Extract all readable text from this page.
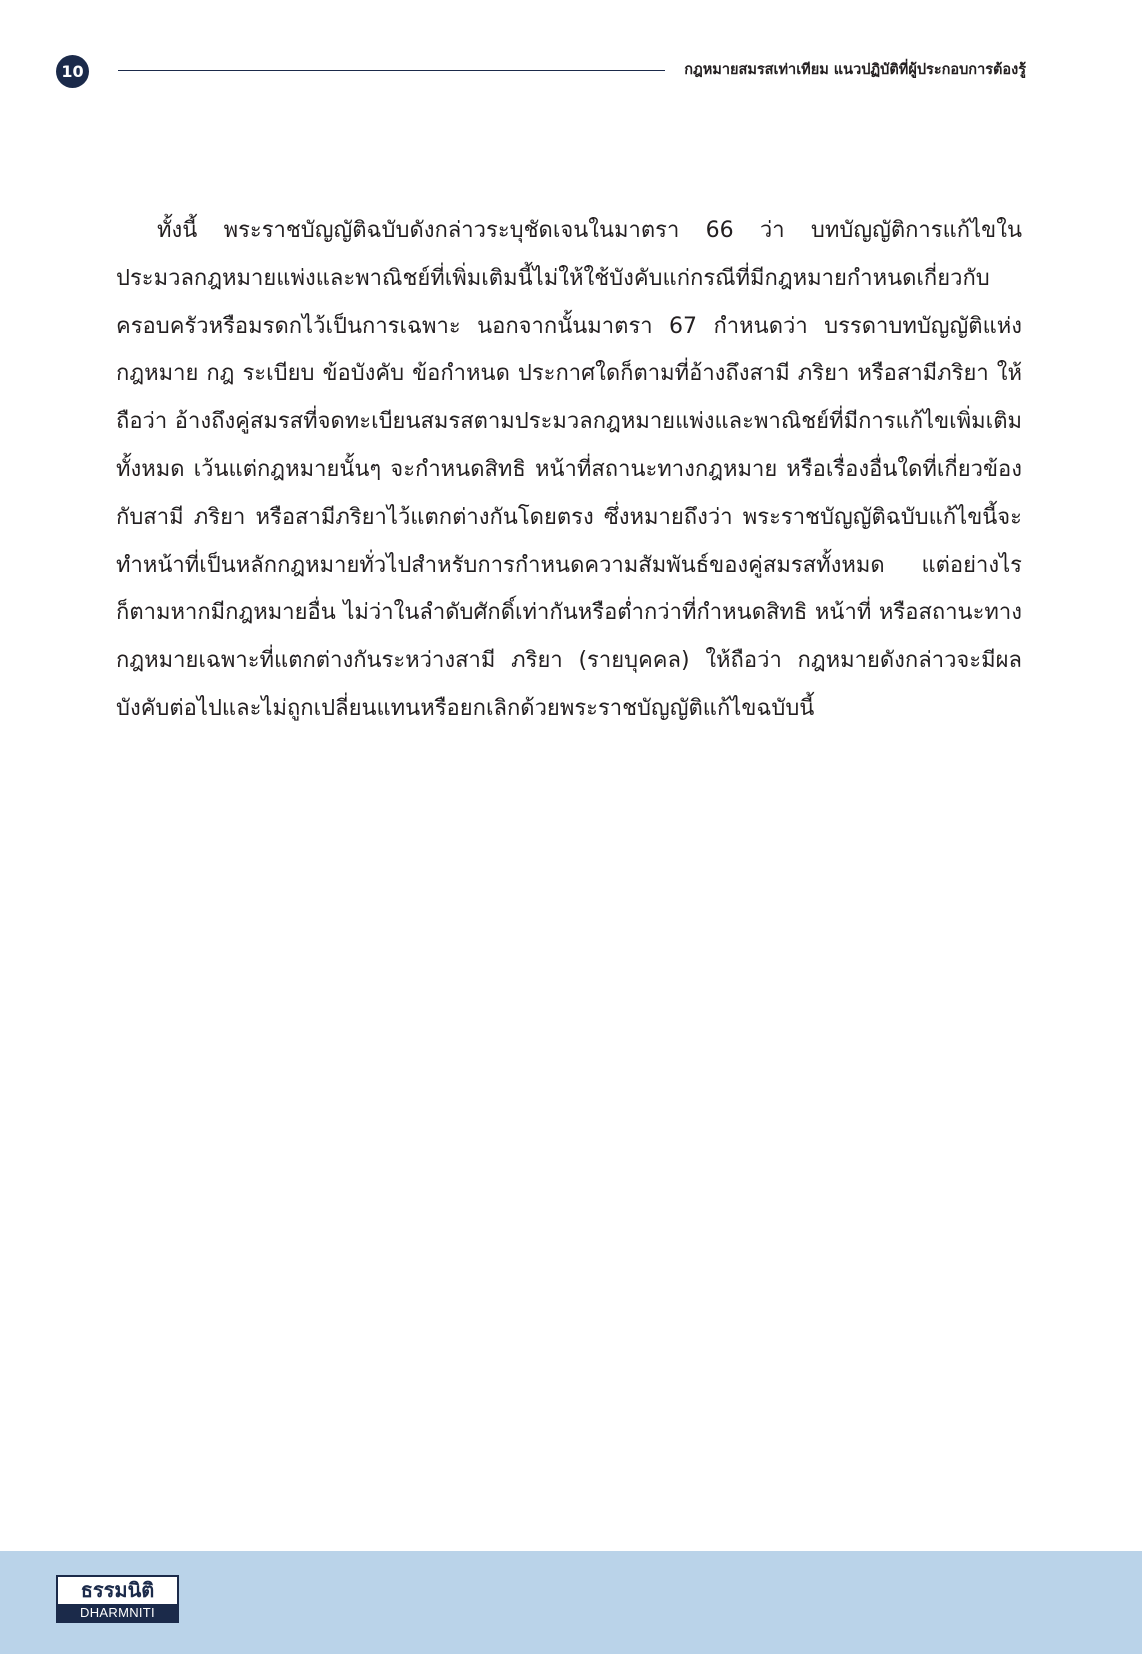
10	กฎหมายสมรสเท่าเทียม แนวปฏิบัติที่ผู้ประกอบการต้องรู้

ทั้งนี้ พระราชบัญญัติฉบับดังกล่าวระบุชัดเจนในมาตรา 66 ว่า บทบัญญัติการแก้ไขในประมวลกฎหมายแพ่งและพาณิชย์ที่เพิ่มเติมนี้ไม่ให้ใช้บังคับแก่กรณีที่มีกฎหมายกำหนดเกี่ยวกับครอบครัวหรือมรดกไว้เป็นการเฉพาะ นอกจากนั้นมาตรา 67 กำหนดว่า บรรดาบทบัญญัติแห่งกฎหมาย กฎ ระเบียบ ข้อบังคับ ข้อกำหนด ประกาศใดก็ตามที่อ้างถึงสามี ภริยา หรือสามีภริยา ให้ถือว่า อ้างถึงคู่สมรสที่จดทะเบียนสมรสตามประมวลกฎหมายแพ่งและพาณิชย์ที่มีการแก้ไขเพิ่มเติมทั้งหมด เว้นแต่กฎหมายนั้นๆ จะกำหนดสิทธิ หน้าที่สถานะทางกฎหมาย หรือเรื่องอื่นใดที่เกี่ยวข้องกับสามี ภริยา หรือสามีภริยาไว้แตกต่างกันโดยตรง ซึ่งหมายถึงว่า พระราชบัญญัติฉบับแก้ไขนี้จะทำหน้าที่เป็นหลักกฎหมายทั่วไปสำหรับการกำหนดความสัมพันธ์ของคู่สมรสทั้งหมด แต่อย่างไรก็ตามหากมีกฎหมายอื่น ไม่ว่าในลำดับศักดิ์เท่ากันหรือต่ำกว่าที่กำหนดสิทธิ หน้าที่ หรือสถานะทางกฎหมายเฉพาะที่แตกต่างกันระหว่างสามี ภริยา (รายบุคคล) ให้ถือว่า กฎหมายดังกล่าวจะมีผลบังคับต่อไปและไม่ถูกเปลี่ยนแทนหรือยกเลิกด้วยพระราชบัญญัติแก้ไขฉบับนี้

ธรรมนิติ
DHARMNITI
